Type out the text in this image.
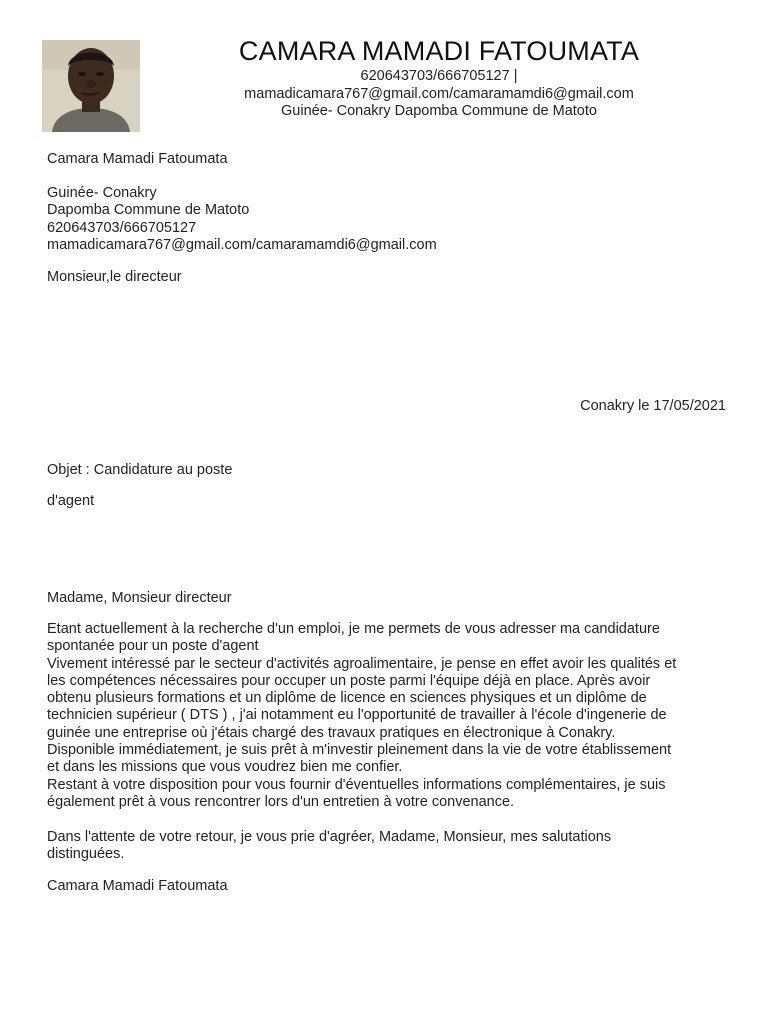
CAMARA MAMADI FATOUMATA
620643703/666705127 |
mamadicamara767@gmail.com/camaramamdi6@gmail.com
Guinée- Conakry Dapomba Commune de Matoto
Camara Mamadi Fatoumata
Guinée- Conakry
Dapomba Commune de Matoto
620643703/666705127
mamadicamara767@gmail.com/camaramamdi6@gmail.com
Monsieur,le directeur
Conakry le 17/05/2021
Objet : Candidature au poste
d'agent
Madame, Monsieur directeur
Etant actuellement à la recherche d'un emploi, je me permets de vous adresser ma candidature
spontanée pour un poste d'agent
Vivement intéressé par le secteur d'activités agroalimentaire, je pense en effet avoir les qualités et
les compétences nécessaires pour occuper un poste parmi l'équipe déjà en place. Après avoir
obtenu plusieurs formations et un diplôme de licence en sciences physiques et un diplôme de
technicien supérieur ( DTS ) , j'ai notamment eu l'opportunité de travailler à l'école d'ingenerie de
guinée une entreprise où j'étais chargé des travaux pratiques en électronique à Conakry.
Disponible immédiatement, je suis prêt à m'investir pleinement dans la vie de votre établissement
et dans les missions que vous voudrez bien me confier.
Restant à votre disposition pour vous fournir d'éventuelles informations complémentaires, je suis
également prêt à vous rencontrer lors d'un entretien à votre convenance.
Dans l'attente de votre retour, je vous prie d'agréer, Madame, Monsieur, mes salutations
distinguées.
Camara Mamadi Fatoumata
